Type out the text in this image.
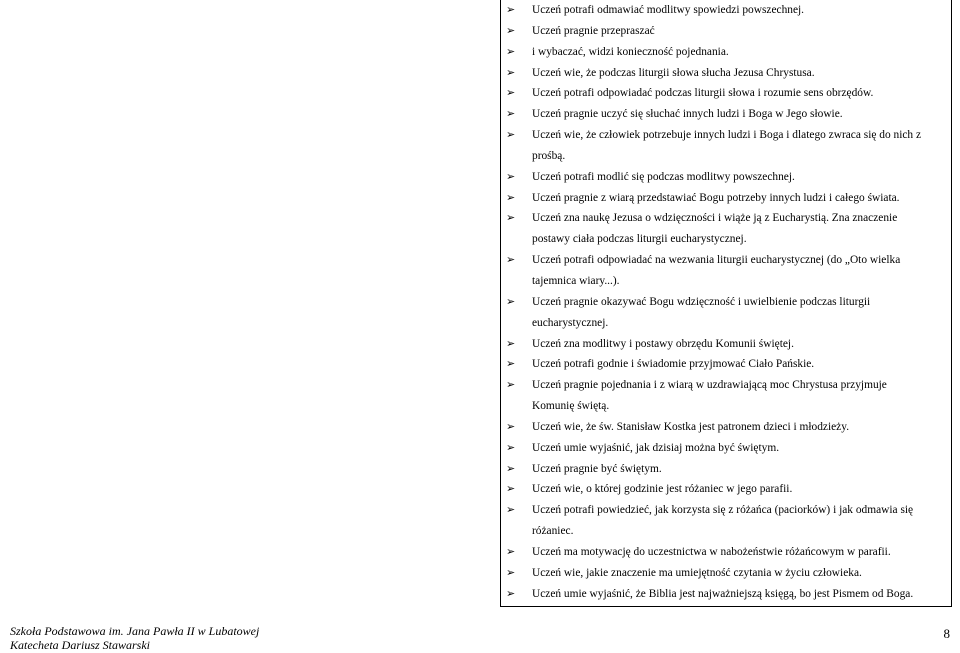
➢	Uczeń potrafi odmawiać modlitwy spowiedzi powszechnej.
➢	Uczeń pragnie przepraszać
➢	i wybaczać, widzi konieczność pojednania.
➢	Uczeń wie, że podczas liturgii słowa słucha Jezusa Chrystusa.
➢	Uczeń potrafi odpowiadać podczas liturgii słowa i rozumie sens obrzędów.
➢	Uczeń pragnie uczyć się słuchać innych ludzi i Boga w Jego słowie.
➢	Uczeń wie, że człowiek potrzebuje innych ludzi i Boga i dlatego zwraca się do nich z
prośbą.
➢	Uczeń potrafi modlić się podczas modlitwy powszechnej.
➢	Uczeń pragnie z wiarą przedstawiać Bogu potrzeby innych ludzi i całego świata.
➢	Uczeń zna naukę Jezusa o wdzięczności i wiąże ją z Eucharystią. Zna znaczenie
postawy ciała podczas liturgii eucharystycznej.
➢	Uczeń potrafi odpowiadać na wezwania liturgii eucharystycznej (do „Oto wielka
tajemnica wiary...).
➢	Uczeń pragnie okazywać Bogu wdzięczność i uwielbienie podczas liturgii
eucharystycznej.
➢	Uczeń zna modlitwy i postawy obrzędu Komunii świętej.
➢	Uczeń potrafi godnie i świadomie przyjmować Ciało Pańskie.
➢	Uczeń pragnie pojednania i z wiarą w uzdrawiającą moc Chrystusa przyjmuje
Komunię świętą.
➢	Uczeń wie, że św. Stanisław Kostka jest patronem dzieci i młodzieży.
➢	Uczeń umie wyjaśnić, jak dzisiaj można być świętym.
➢	Uczeń pragnie być świętym.
➢	Uczeń wie, o której godzinie jest różaniec w jego parafii.
➢	Uczeń potrafi powiedzieć, jak korzysta się z różańca (paciorków) i jak odmawia się
różaniec.
➢	Uczeń ma motywację do uczestnictwa w nabożeństwie różańcowym w parafii.
➢	Uczeń wie, jakie znaczenie ma umiejętność czytania w życiu człowieka.
➢	Uczeń umie wyjaśnić, że Biblia jest najważniejszą księgą, bo jest Pismem od Boga.
Szkoła Podstawowa im. Jana Pawła II w Lubatowej
Katecheta Dariusz Stawarski
8
